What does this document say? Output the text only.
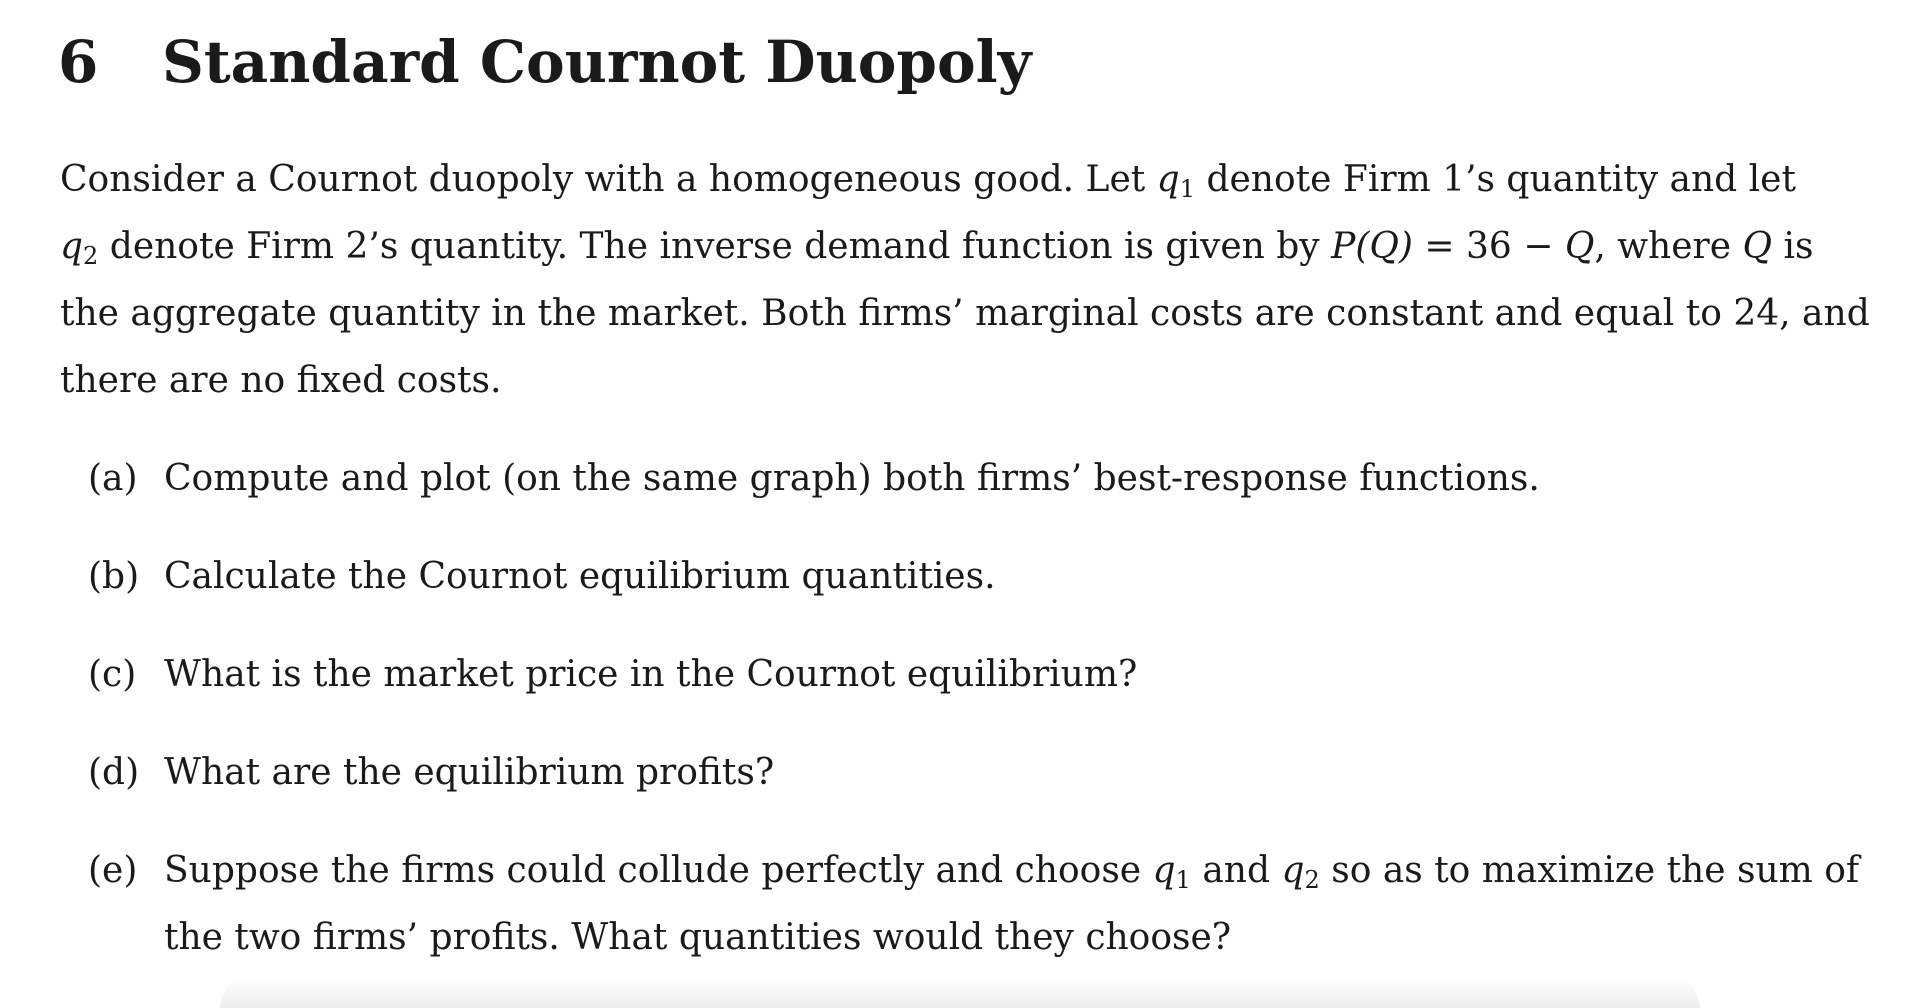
6 Standard Cournot Duopoly

Consider a Cournot duopoly with a homogeneous good. Let $q_1$ denote Firm 1’s quantity and let
$q_2$ denote Firm 2’s quantity. The inverse demand function is given by P(Q) = 36 − Q, where Q is
the aggregate quantity in the market. Both firms’ marginal costs are constant and equal to 24, and
there are no fixed costs.

(a) Compute and plot (on the same graph) both firms’ best-response functions.
(b) Calculate the Cournot equilibrium quantities.
(c) What is the market price in the Cournot equilibrium?
(d) What are the equilibrium profits?
(e) Suppose the firms could collude perfectly and choose $q_1$ and $q_2$ so as to maximize the sum of
the two firms’ profits. What quantities would they choose?
